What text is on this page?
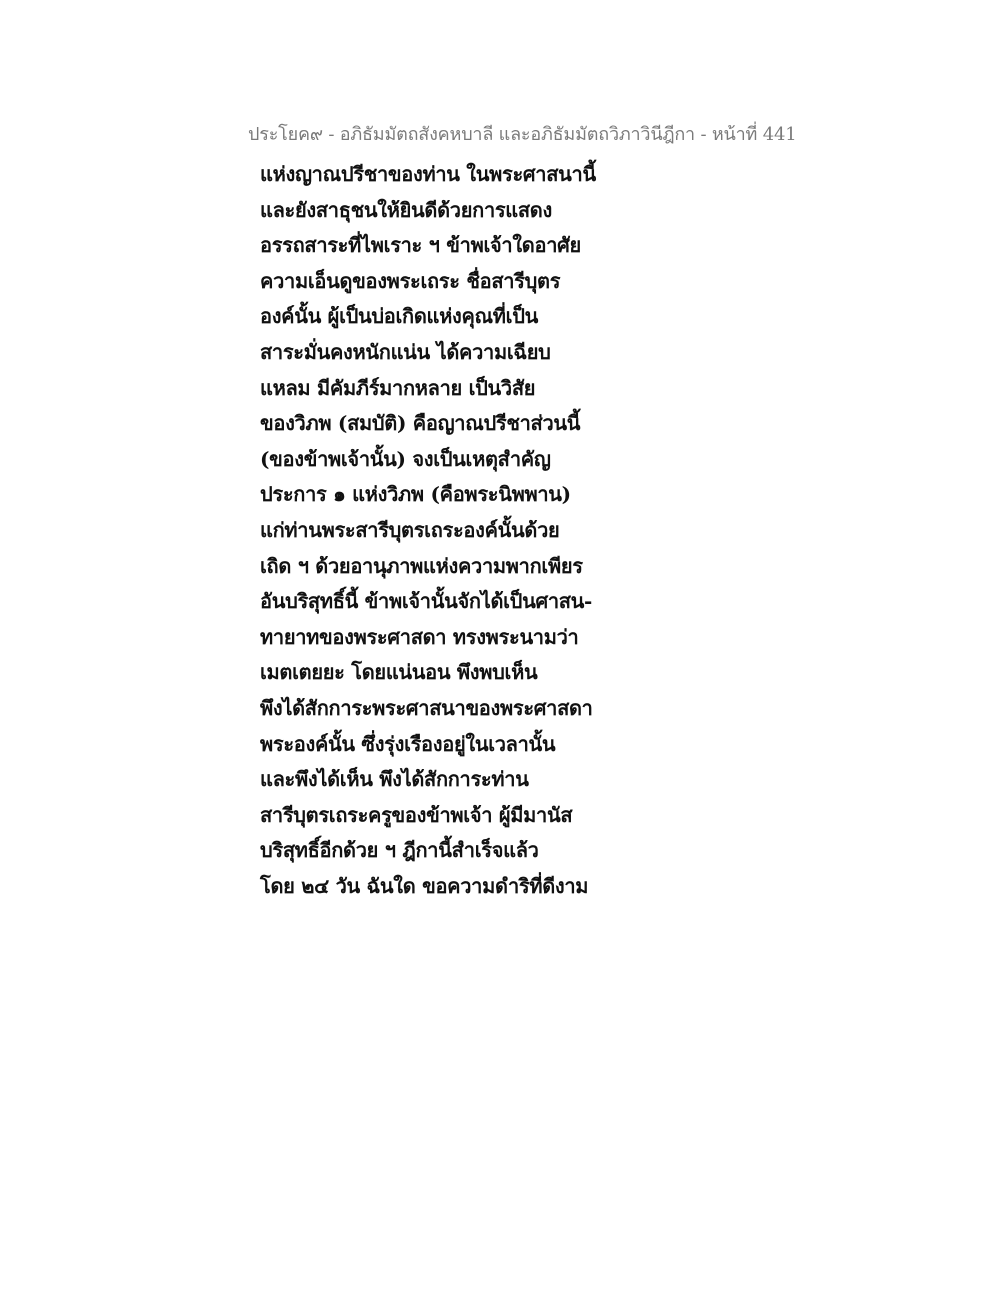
ประโยค๙ - อภิธัมมัตถสังคหบาลี และอภิธัมมัตถวิภาวินีฎีกา - หน้าที่ 441
แห่งญาณปรีชาของท่าน ในพระศาสนานี้
และยังสาธุชนให้ยินดีด้วยการแสดง
อรรถสาระที่ไพเราะ ฯ ข้าพเจ้าใดอาศัย
ความเอ็นดูของพระเถระ ชื่อสารีบุตร
องค์นั้น ผู้เป็นบ่อเกิดแห่งคุณที่เป็น
สาระมั่นคงหนักแน่น ได้ความเฉียบ
แหลม มีคัมภีร์มากหลาย เป็นวิสัย
ของวิภพ (สมบัติ) คือญาณปรีชาส่วนนี้
(ของข้าพเจ้านั้น) จงเป็นเหตุสำคัญ
ประการ ๑ แห่งวิภพ (คือพระนิพพาน)
แก่ท่านพระสารีบุตรเถระองค์นั้นด้วย
เถิด ฯ ด้วยอานุภาพแห่งความพากเพียร
อันบริสุทธิ์นี้ ข้าพเจ้านั้นจักได้เป็นศาสน-
ทายาทของพระศาสดา ทรงพระนามว่า
เมตเตยยะ โดยแน่นอน พึงพบเห็น
พึงได้สักการะพระศาสนาของพระศาสดา
พระองค์นั้น ซึ่งรุ่งเรืองอยู่ในเวลานั้น
และพึงได้เห็น พึงได้สักการะท่าน
สารีบุตรเถระครูของข้าพเจ้า ผู้มีมานัส
บริสุทธิ์อีกด้วย ฯ ฎีกานี้สำเร็จแล้ว
โดย ๒๔ วัน ฉันใด ขอความดำริที่ดีงาม
